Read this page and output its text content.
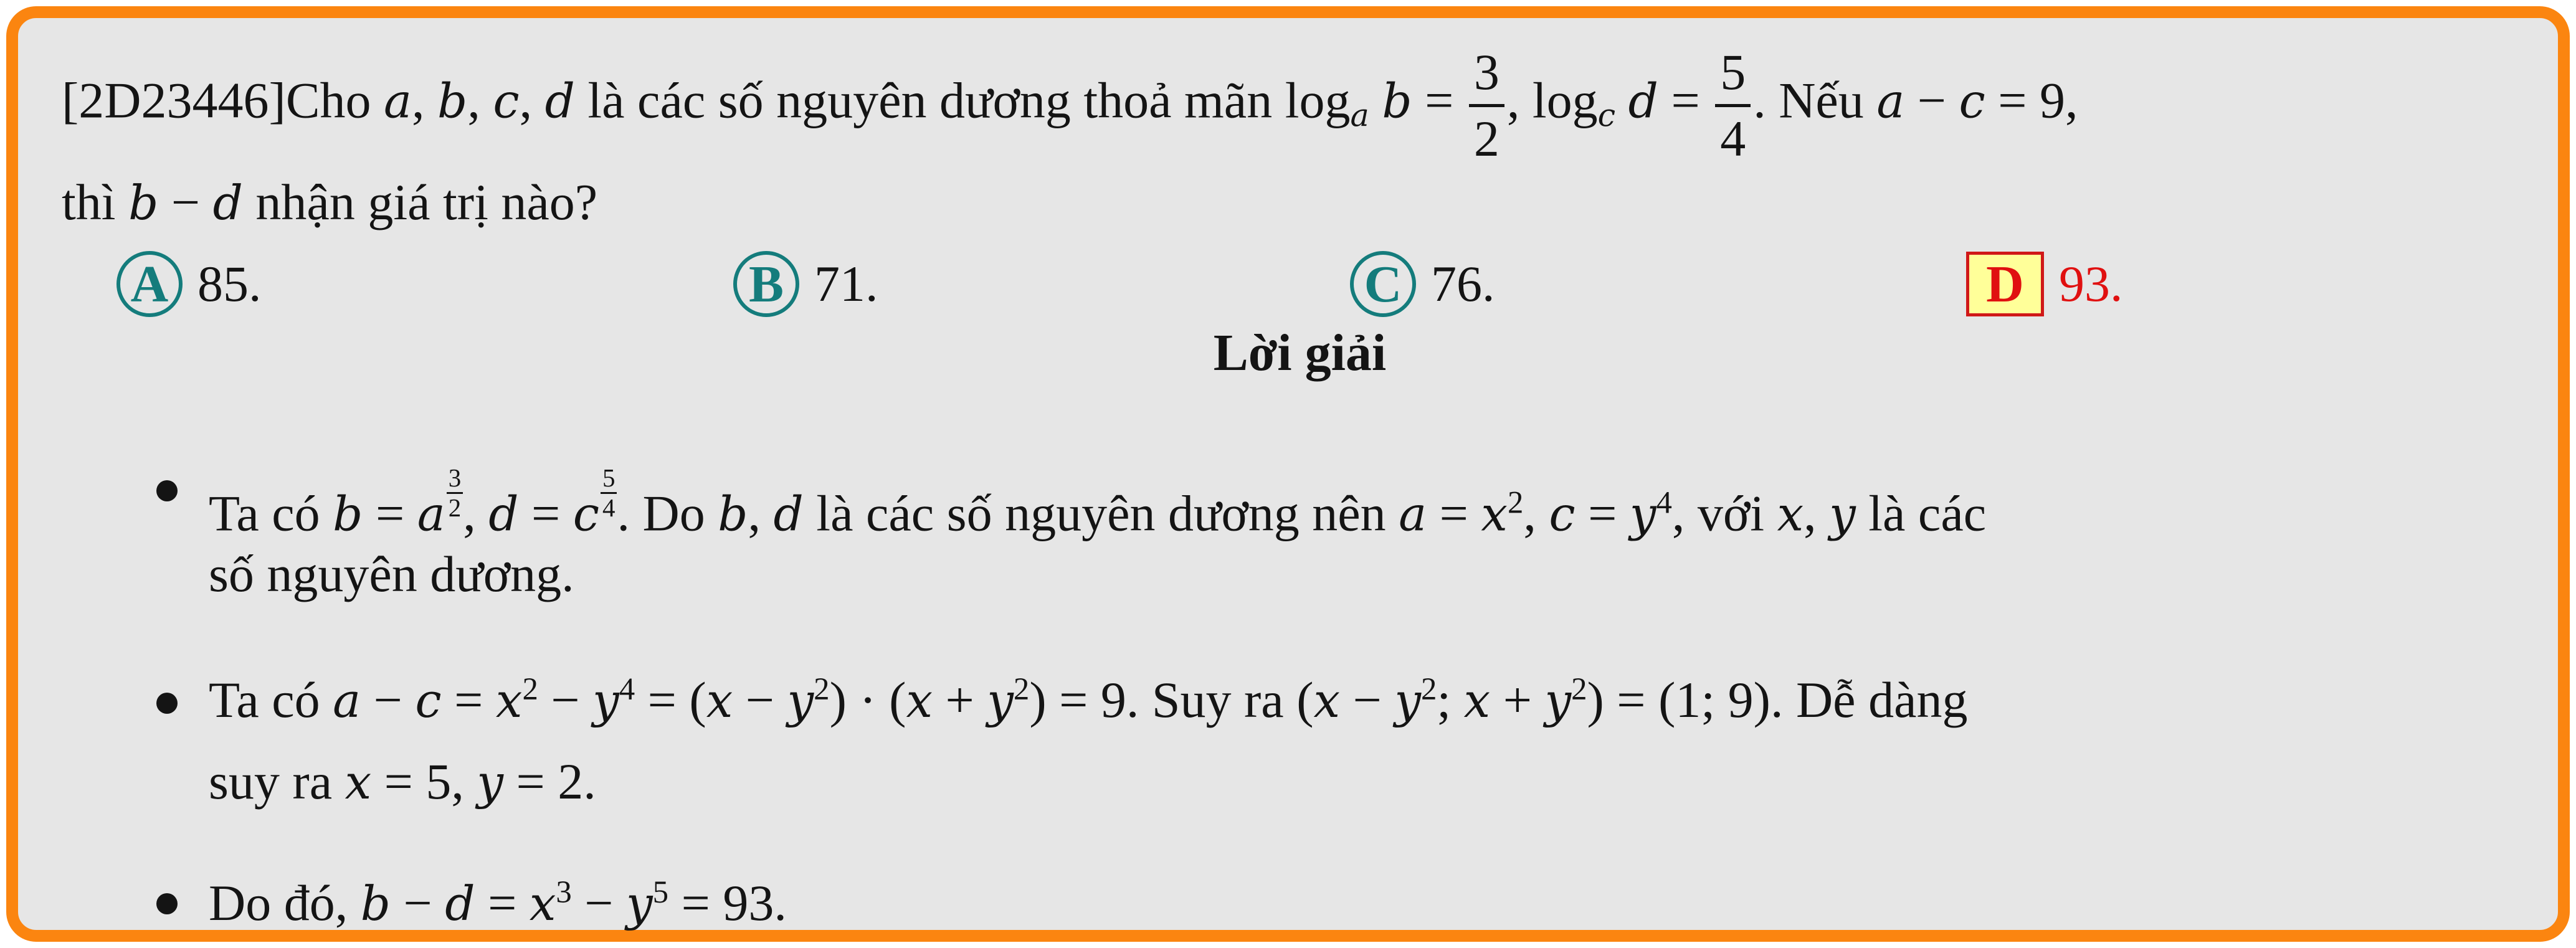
[2D23446]Cho a, b, c, d là các số nguyên dương thoả mãn $\log_a b = \frac{3}{2}$ , $\log_c d = \frac{5}{4}$ . Nếu a − c = 9,
thì b − d nhận giá trị nào?
A 85.	B 71.	C 76.	D 93.
Lời giải
Ta có b = a $\frac{3}{2}$ , d = c $\frac{5}{4}$ . Do b, d là các số nguyên dương nên $a = x^2$, $c = y^4$, với x, y là các
số nguyên dương.
Ta có $a - c = x^2 - y^4 = (x - y^2) \cdot (x + y^2) = 9$. Suy ra ($x - y^2$; $x + y^2) = (1$; 9). Dễ dàng
suy ra x = 5, y = 2.
Do đó, $b - d = x^3 - y^5 = 93$.
